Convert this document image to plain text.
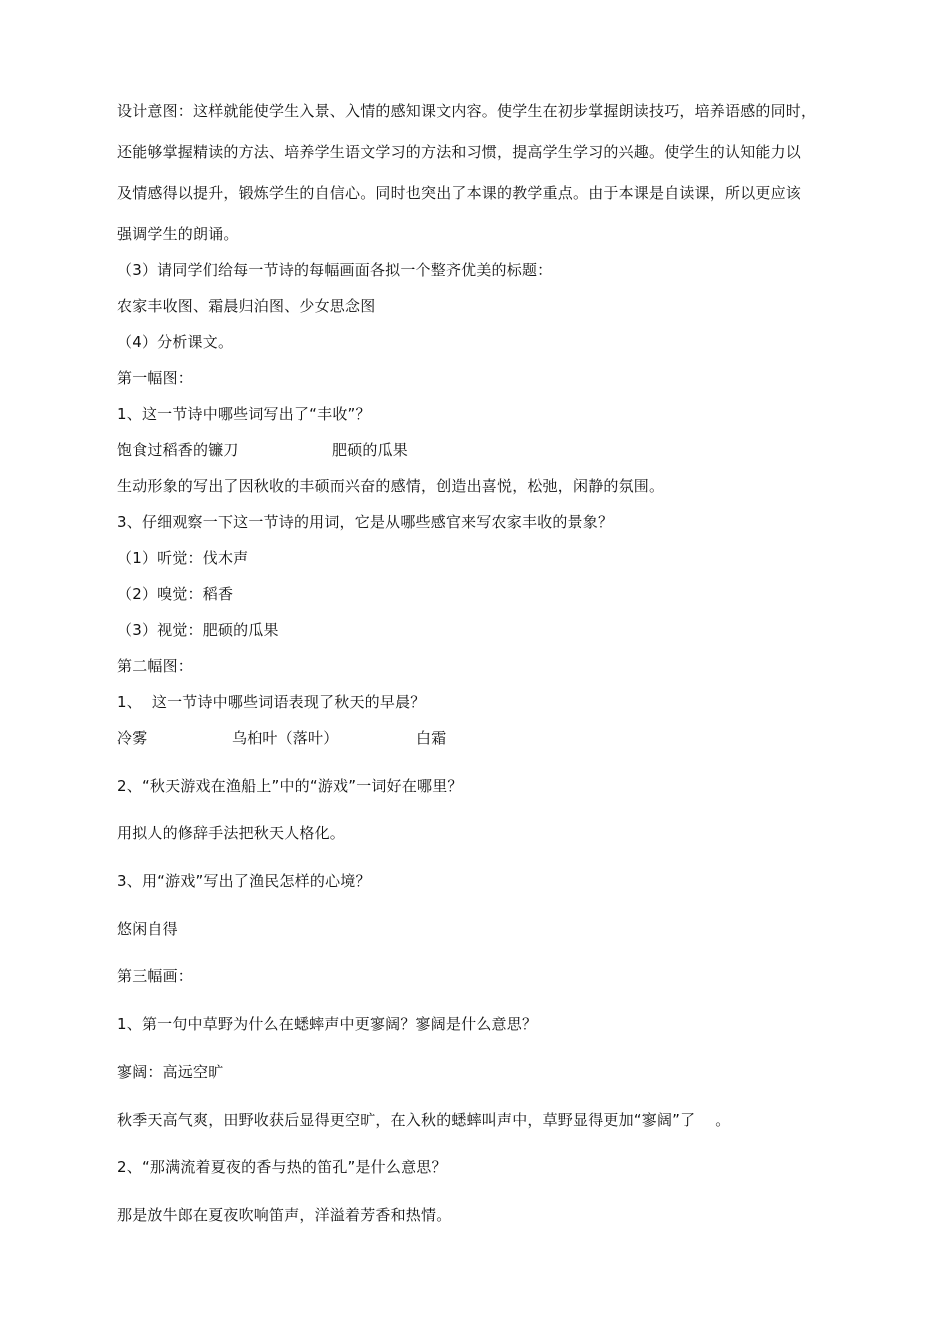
设计意图：这样就能使学生入景、入情的感知课文内容。使学生在初步掌握朗读技巧，培养语感的同时，
还能够掌握精读的方法、培养学生语文学习的方法和习惯，提高学生学习的兴趣。使学生的认知能力以
及情感得以提升，锻炼学生的自信心。同时也突出了本课的教学重点。由于本课是自读课，所以更应该
强调学生的朗诵。
（3）请同学们给每一节诗的每幅画面各拟一个整齐优美的标题：
农家丰收图、霜晨归泊图、少女思念图
（4）分析课文。
第一幅图：
1、这一节诗中哪些词写出了“丰收”？
饱食过稻香的镰刀	肥硕的瓜果
生动形象的写出了因秋收的丰硕而兴奋的感情，创造出喜悦，松弛，闲静的氛围。
3、仔细观察一下这一节诗的用词，它是从哪些感官来写农家丰收的景象？
（1）听觉：伐木声
（2）嗅觉：稻香
（3）视觉：肥硕的瓜果
第二幅图：
1、  这一节诗中哪些词语表现了秋天的早晨？
冷雾	乌桕叶（落叶）	白霜
2、“秋天游戏在渔船上”中的“游戏”一词好在哪里？
用拟人的修辞手法把秋天人格化。
3、用“游戏”写出了渔民怎样的心境？
悠闲自得
第三幅画：
1、第一句中草野为什么在蟋蟀声中更寥阔？寥阔是什么意思？
寥阔：高远空旷
秋季天高气爽，田野收获后显得更空旷，在入秋的蟋蟀叫声中，草野显得更加“寥阔”了    。
2、“那满流着夏夜的香与热的笛孔”是什么意思？
那是放牛郎在夏夜吹响笛声，洋溢着芳香和热情。
